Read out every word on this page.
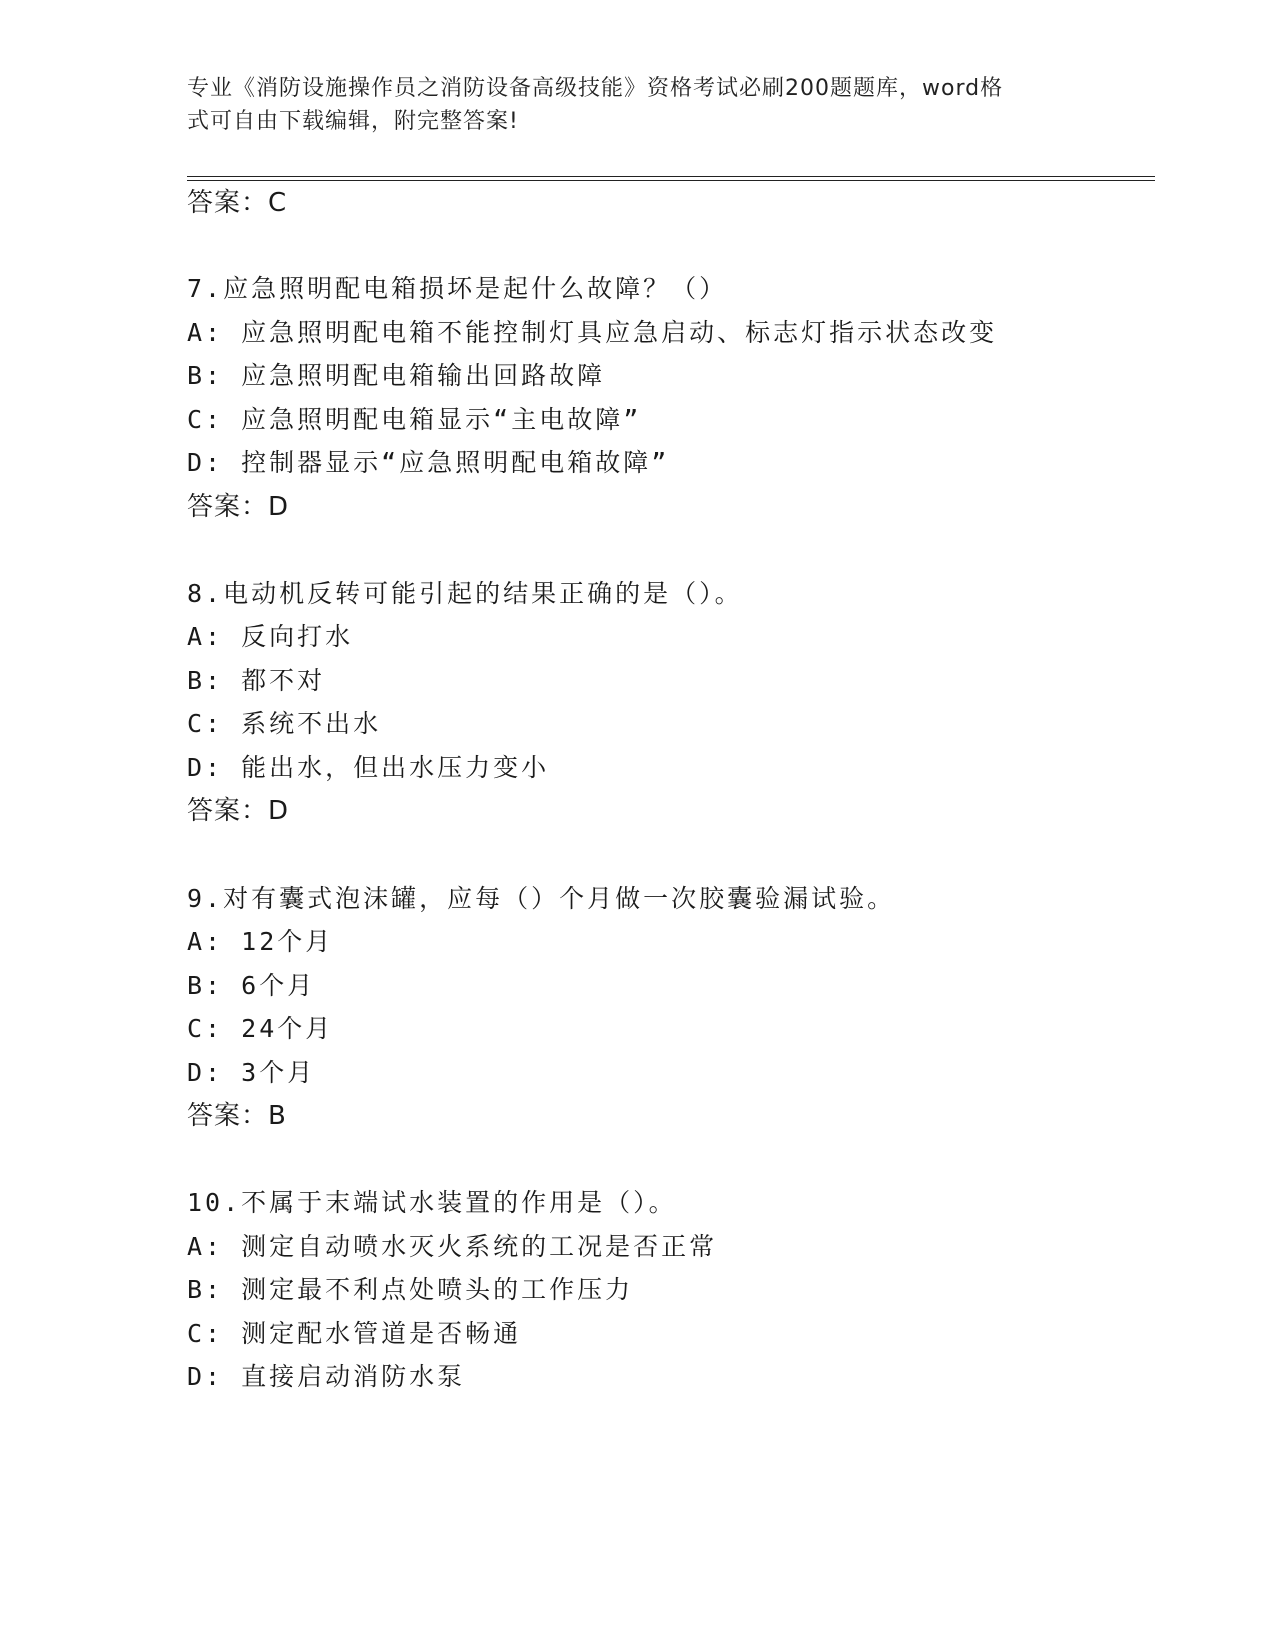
专业《消防设施操作员之消防设备高级技能》资格考试必刷200题题库，word格
式可自由下载编辑，附完整答案!
答案：C
7.应急照明配电箱损坏是起什么故障？（）
A: 应急照明配电箱不能控制灯具应急启动、标志灯指示状态改变
B: 应急照明配电箱输出回路故障
C: 应急照明配电箱显示“主电故障”
D: 控制器显示“应急照明配电箱故障”
答案：D
8.电动机反转可能引起的结果正确的是（）。
A: 反向打水
B: 都不对
C: 系统不出水
D: 能出水，但出水压力变小
答案：D
9.对有囊式泡沫罐，应每（）个月做一次胶囊验漏试验。
A: 12个月
B: 6个月
C: 24个月
D: 3个月
答案：B
10.不属于末端试水装置的作用是（）。
A: 测定自动喷水灭火系统的工况是否正常
B: 测定最不利点处喷头的工作压力
C: 测定配水管道是否畅通
D: 直接启动消防水泵
